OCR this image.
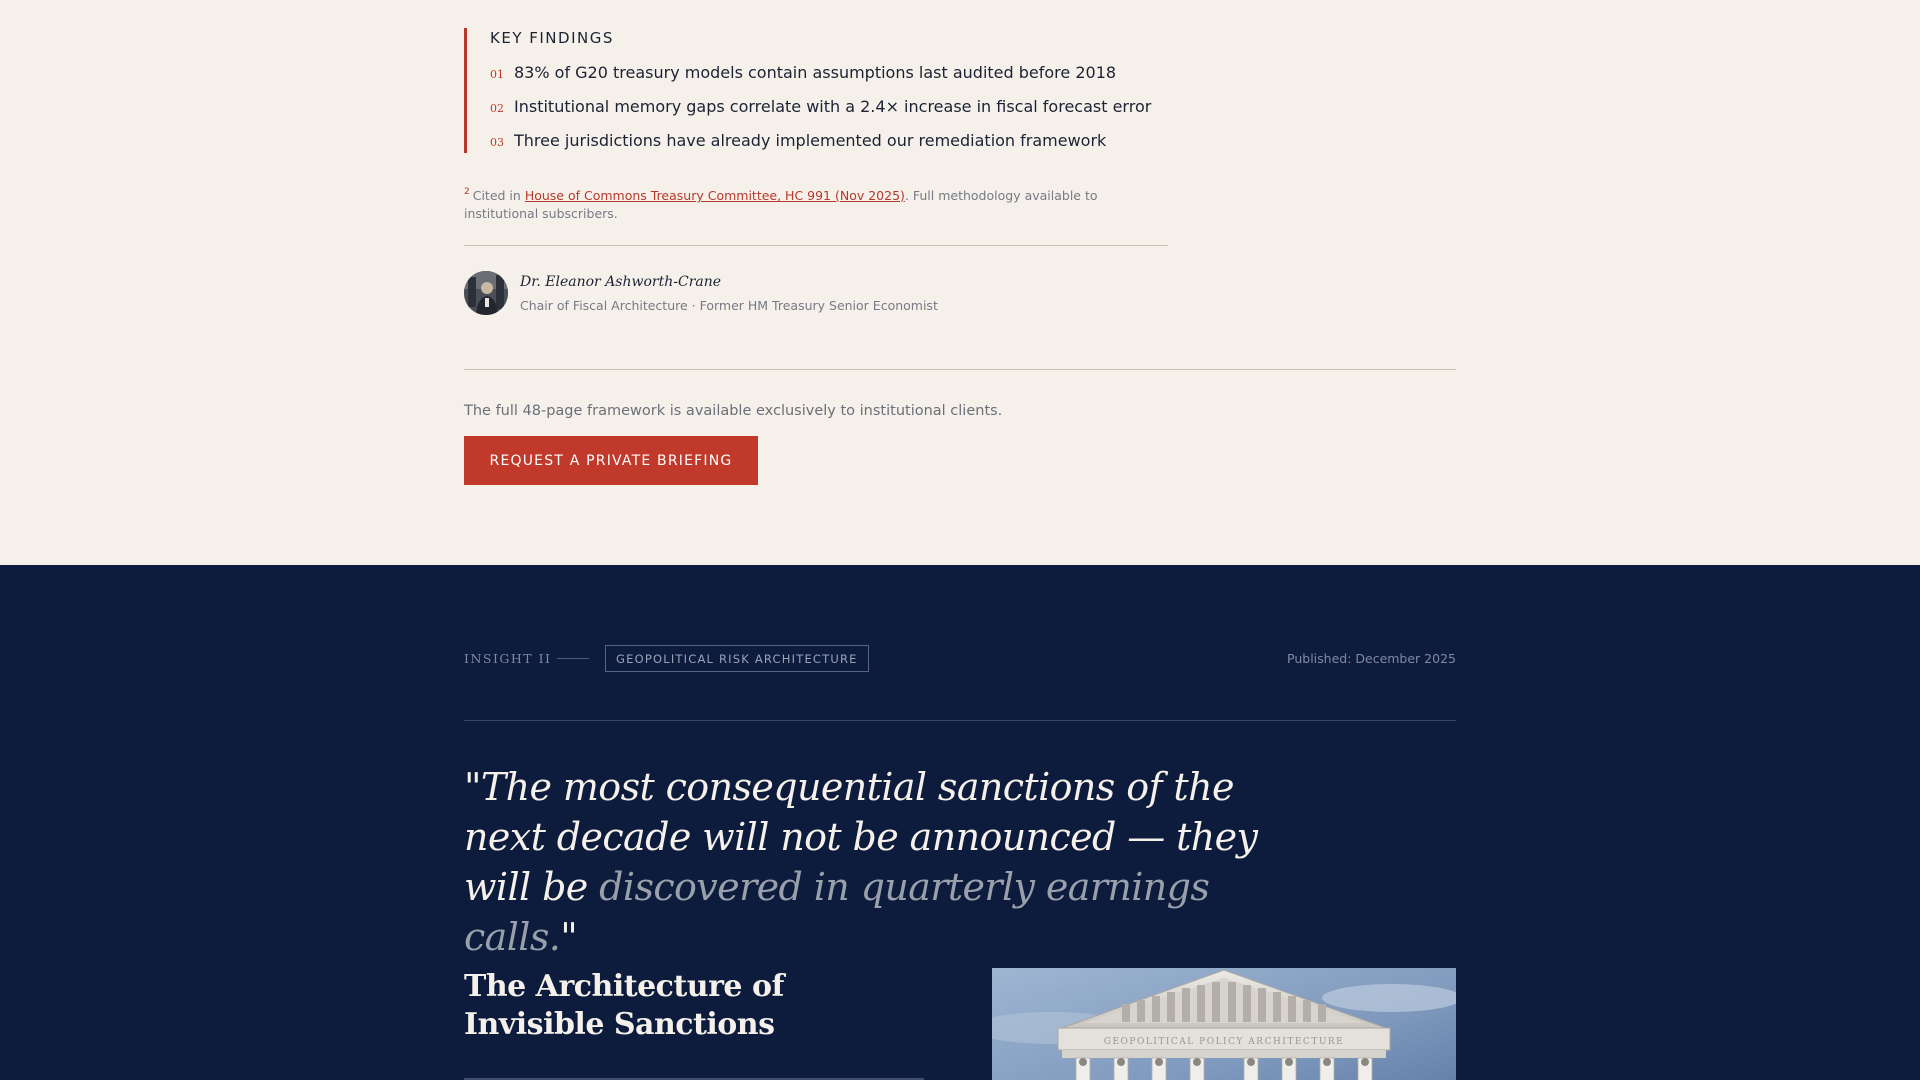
KEY FINDINGS
01 83% of G20 treasury models contain assumptions last audited before 2018
02 Institutional memory gaps correlate with a 2.4× increase in fiscal forecast error
03 Three jurisdictions have already implemented our remediation framework

$^2$ Cited in House of Commons Treasury Committee, HC 991 (Nov 2025). Full methodology available to institutional subscribers.

Dr. Eleanor Ashworth-Crane
Chair of Fiscal Architecture · Former HM Treasury Senior Economist

The full 48-page framework is available exclusively to institutional clients.

REQUEST A PRIVATE BRIEFING
INSIGHT II	GEOPOLITICAL RISK ARCHITECTURE	Published: December 2025
"The most consequential sanctions of the next decade will not be announced — they will be discovered in quarterly earnings calls."
The Architecture of Invisible Sanctions	GEOPOLITICAL POLICY ARCHITECTURE
